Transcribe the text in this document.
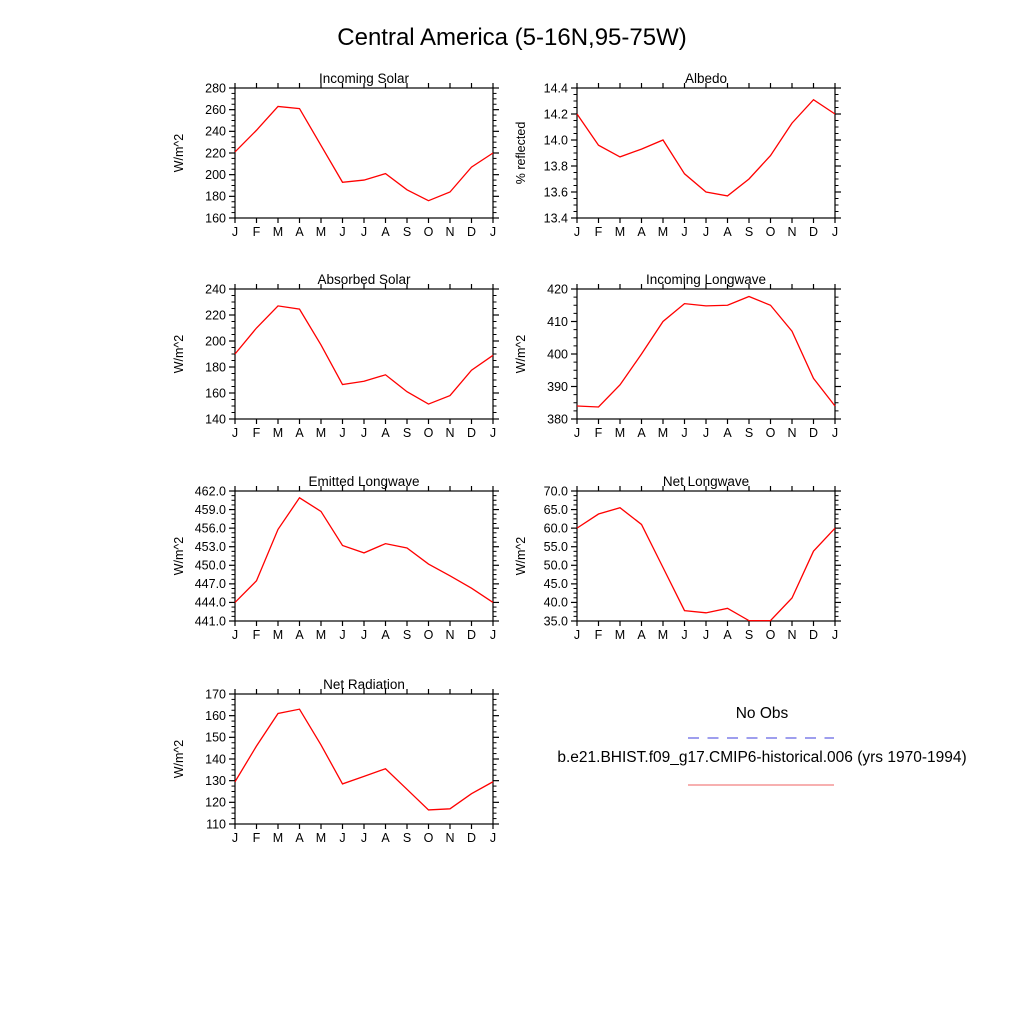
Central America (5-16N,95-75W)
J F M A M J J A S O N D J
160
180
200
220
240
260
280
Incoming Solar
W/m^2
J F M A M J J A S O N D J
13.4
13.6
13.8
14.0
14.2
14.4
Albedo
% reflected
J F M A M J J A S O N D J
140
160
180
200
220
240
Absorbed Solar
W/m^2
J F M A M J J A S O N D J
380
390
400
410
420
Incoming Longwave
W/m^2
J F M A M J J A S O N D J
441.0
444.0
447.0
450.0
453.0
456.0
459.0
462.0
Emitted Longwave
W/m^2
J F M A M J J A S O N D J
35.0
40.0
45.0
50.0
55.0
60.0
65.0
70.0
Net Longwave
W/m^2
J F M A M J J A S O N D J
110
120
130
140
150
160
170
Net Radiation
W/m^2
No Obs
b.e21.BHIST.f09_g17.CMIP6-historical.006 (yrs 1970-1994)
